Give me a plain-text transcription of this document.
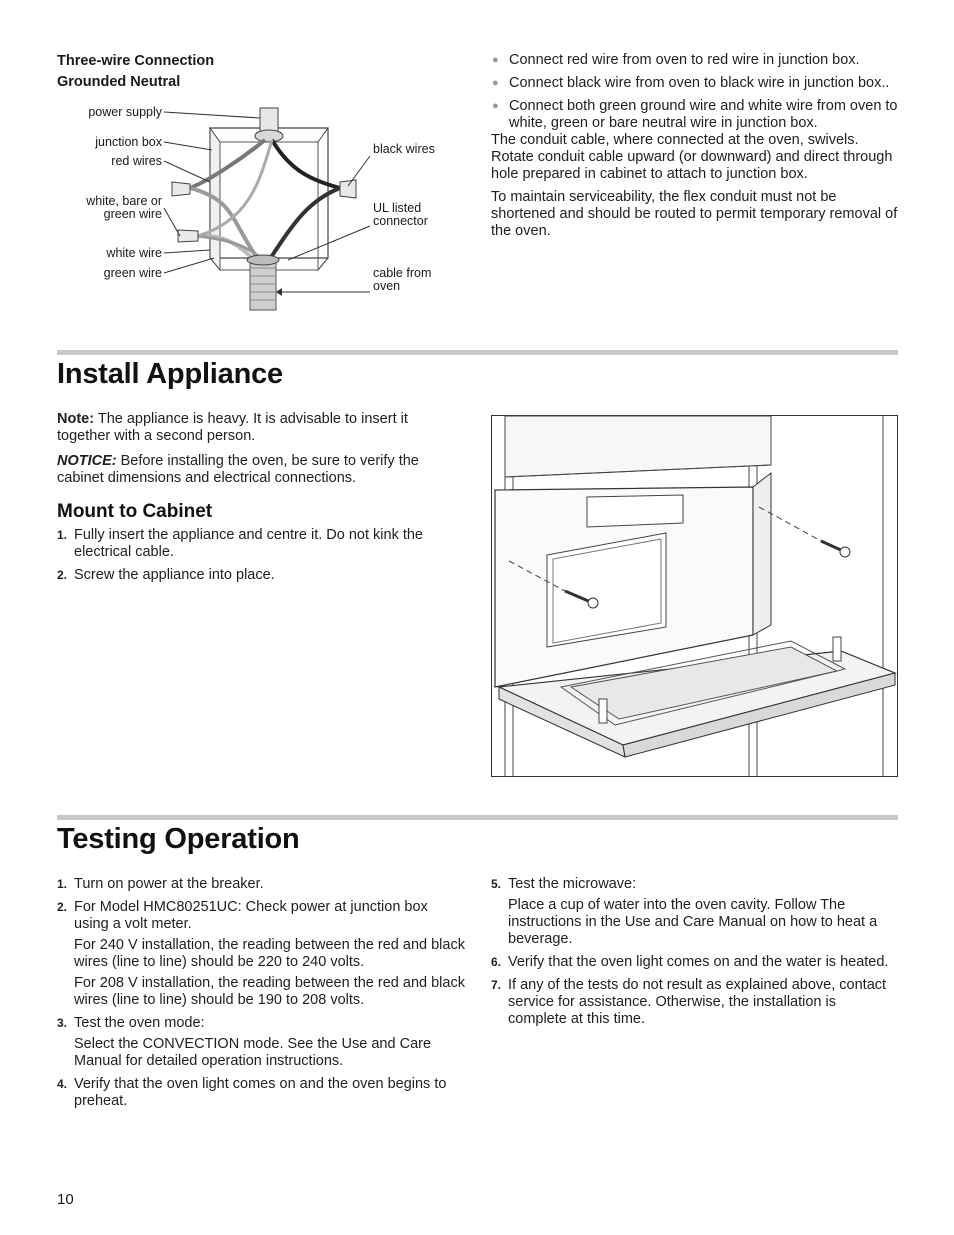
Three-wire Connection
Grounded Neutral
power supply
junction box
red wires
white, bare or
green wire
white wire
green wire
black wires
UL listed
connector
cable from
oven
● Connect red wire from oven to red wire in junction box.
● Connect black wire from oven to black wire in junction box..
● Connect both green ground wire and white wire from oven to white, green or bare neutral wire in junction box.

The conduit cable, where connected at the oven, swivels. Rotate conduit cable upward (or downward) and direct through hole prepared in cabinet to attach to junction box.

To maintain serviceability, the flex conduit must not be shortened and should be routed to permit temporary removal of the oven.

Install Appliance

Note: The appliance is heavy. It is advisable to insert it together with a second person.

NOTICE: Before installing the oven, be sure to verify the cabinet dimensions and electrical connections.

Mount to Cabinet
1. Fully insert the appliance and centre it. Do not kink the electrical cable.
2. Screw the appliance into place.
Testing Operation
1. Turn on power at the breaker.
2. For Model HMC80251UC: Check power at junction box using a volt meter.
For 240 V installation, the reading between the red and black wires (line to line) should be 220 to 240 volts.
For 208 V installation, the reading between the red and black wires (line to line) should be 190 to 208 volts.
3. Test the oven mode:
Select the CONVECTION mode. See the Use and Care Manual for detailed operation instructions.
4. Verify that the oven light comes on and the oven begins to preheat.
5. Test the microwave:
Place a cup of water into the oven cavity. Follow The instructions in the Use and Care Manual on how to heat a beverage.
6. Verify that the oven light comes on and the water is heated.
7. If any of the tests do not result as explained above, contact service for assistance. Otherwise, the installation is complete at this time.
10
